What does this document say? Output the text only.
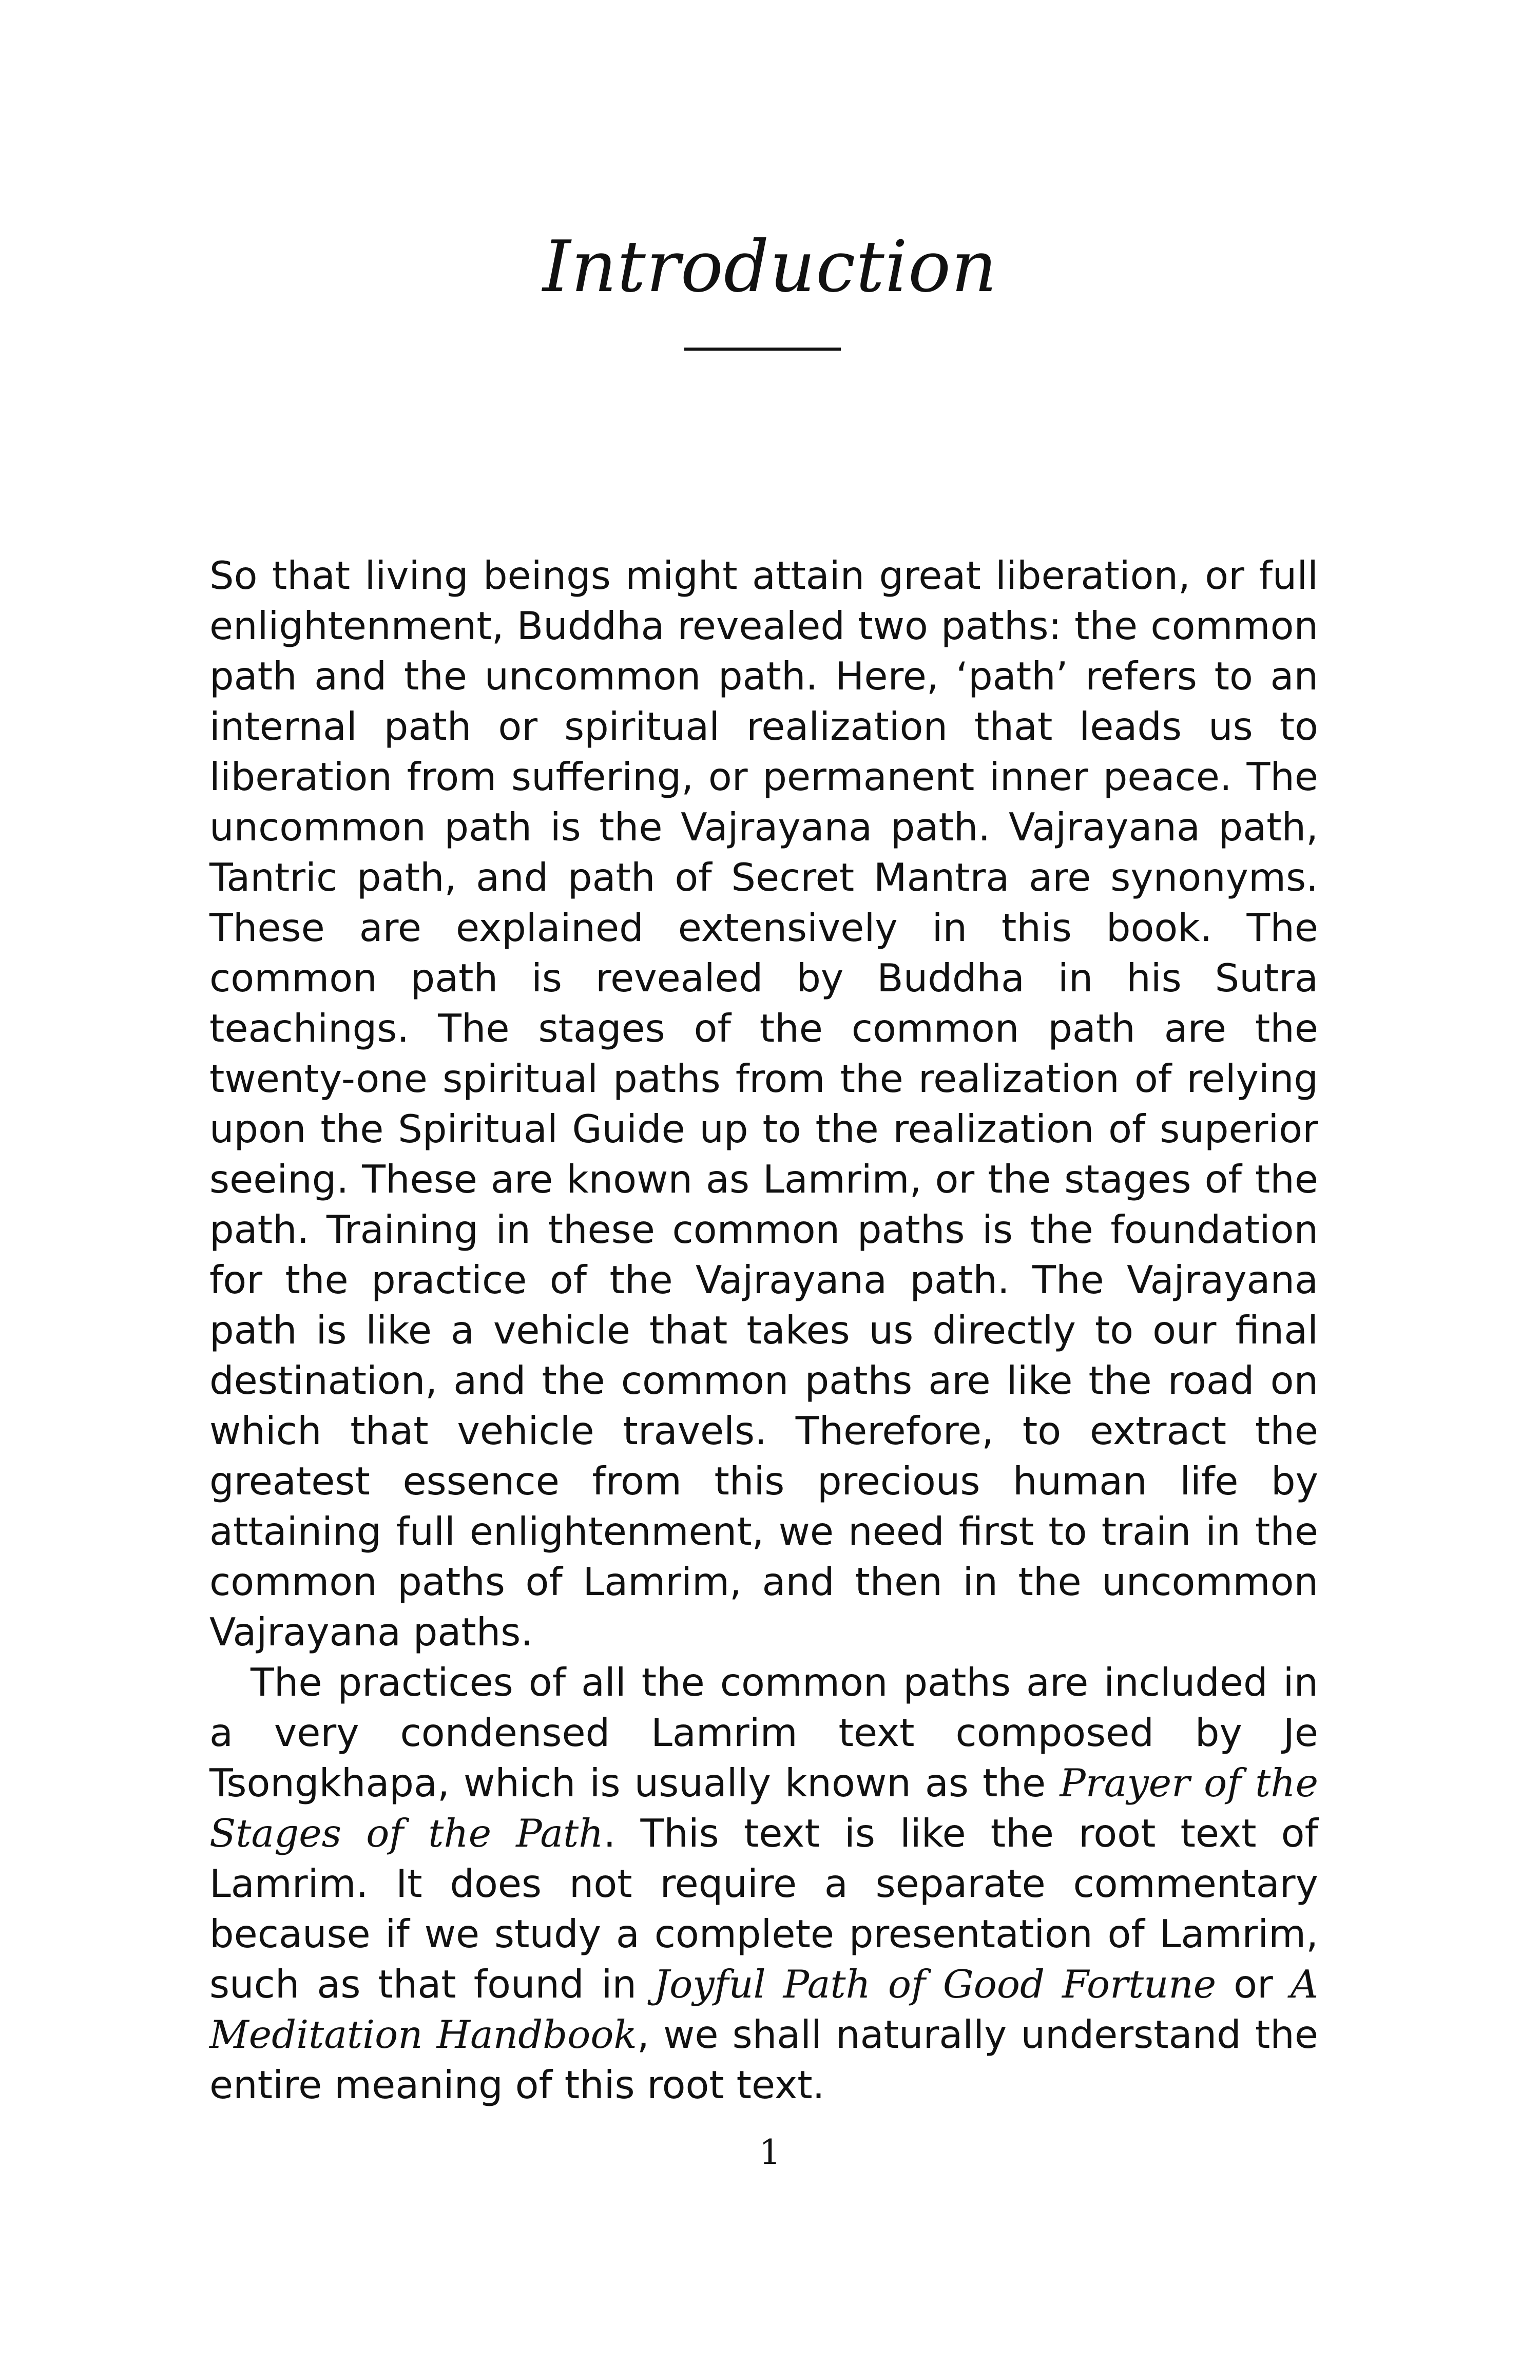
Introduction

So that living beings might attain great liberation, or full enlightenment, Buddha revealed two paths: the common path and the uncommon path. Here, ‘path’ refers to an internal path or spiritual realization that leads us to liberation from suffering, or permanent inner peace. The uncommon path is the Vajrayana path. Vajrayana path, Tantric path, and path of Secret Mantra are synonyms. These are explained extensively in this book. The common path is revealed by Buddha in his Sutra teachings. The stages of the common path are the twenty-one spiritual paths from the realization of relying upon the Spiritual Guide up to the realization of superior seeing. These are known as Lamrim, or the stages of the path. Training in these common paths is the foundation for the practice of the Vajrayana path. The Vajrayana path is like a vehicle that takes us directly to our final destination, and the common paths are like the road on which that vehicle travels. Therefore, to extract the greatest essence from this precious human life by attaining full enlightenment, we need first to train in the common paths of Lamrim, and then in the uncommon Vajrayana paths.

The practices of all the common paths are included in a very condensed Lamrim text composed by Je Tsongkhapa, which is usually known as the Prayer of the Stages of the Path. This text is like the root text of Lamrim. It does not require a separate commentary because if we study a complete presentation of Lamrim, such as that found in Joyful Path of Good Fortune or A Meditation Handbook, we shall naturally understand the entire meaning of this root text.

1
